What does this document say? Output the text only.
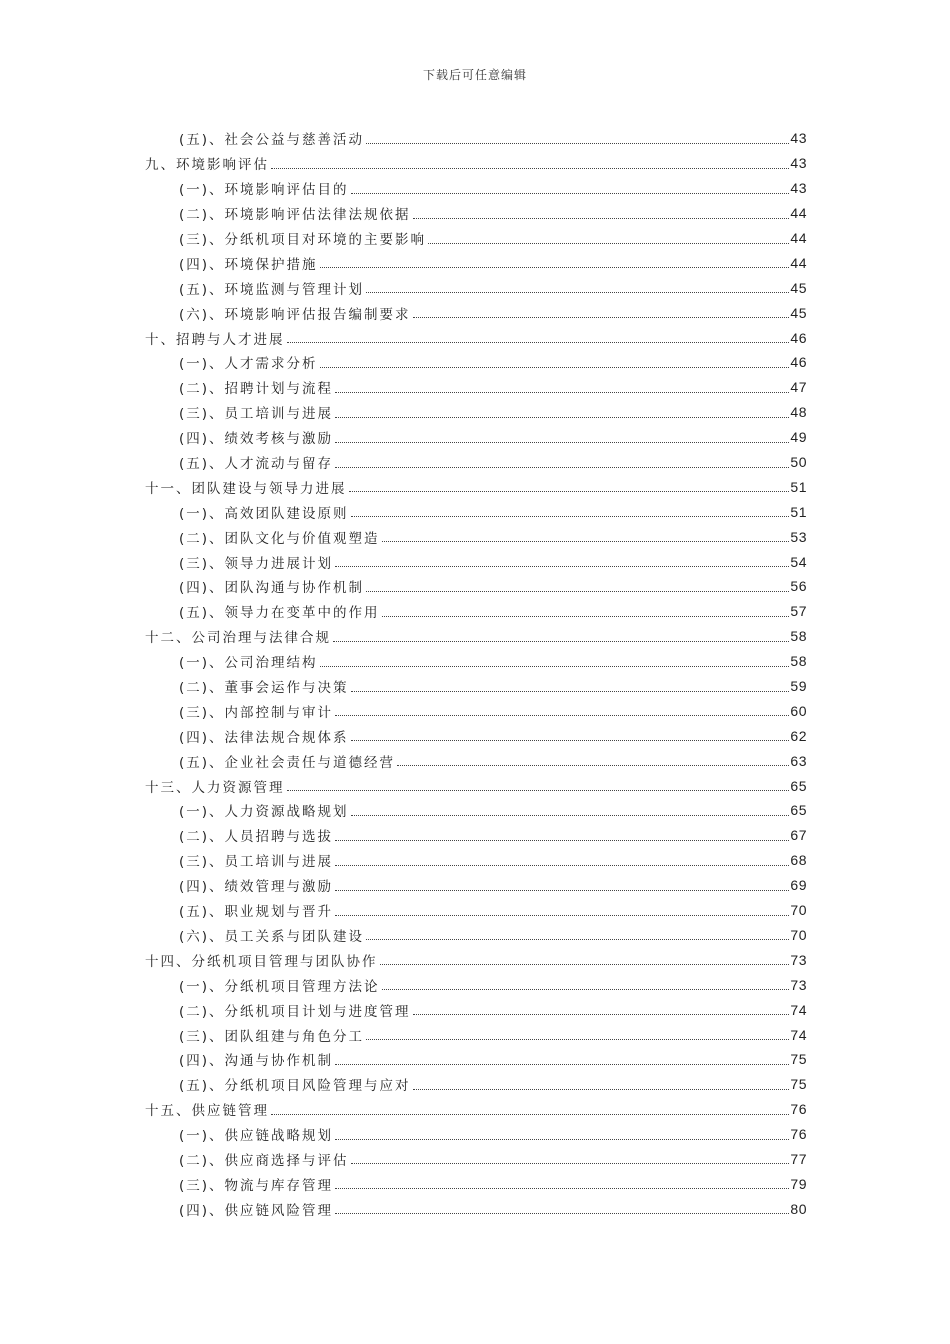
下载后可任意编辑
(五)、社会公益与慈善活动	43
九、环境影响评估	43
(一)、环境影响评估目的	43
(二)、环境影响评估法律法规依据	44
(三)、分纸机项目对环境的主要影响	44
(四)、环境保护措施	44
(五)、环境监测与管理计划	45
(六)、环境影响评估报告编制要求	45
十、招聘与人才进展	46
(一)、人才需求分析	46
(二)、招聘计划与流程	47
(三)、员工培训与进展	48
(四)、绩效考核与激励	49
(五)、人才流动与留存	50
十一、团队建设与领导力进展	51
(一)、高效团队建设原则	51
(二)、团队文化与价值观塑造	53
(三)、领导力进展计划	54
(四)、团队沟通与协作机制	56
(五)、领导力在变革中的作用	57
十二、公司治理与法律合规	58
(一)、公司治理结构	58
(二)、董事会运作与决策	59
(三)、内部控制与审计	60
(四)、法律法规合规体系	62
(五)、企业社会责任与道德经营	63
十三、人力资源管理	65
(一)、人力资源战略规划	65
(二)、人员招聘与选拔	67
(三)、员工培训与进展	68
(四)、绩效管理与激励	69
(五)、职业规划与晋升	70
(六)、员工关系与团队建设	70
十四、分纸机项目管理与团队协作	73
(一)、分纸机项目管理方法论	73
(二)、分纸机项目计划与进度管理	74
(三)、团队组建与角色分工	74
(四)、沟通与协作机制	75
(五)、分纸机项目风险管理与应对	75
十五、供应链管理	76
(一)、供应链战略规划	76
(二)、供应商选择与评估	77
(三)、物流与库存管理	79
(四)、供应链风险管理	80
